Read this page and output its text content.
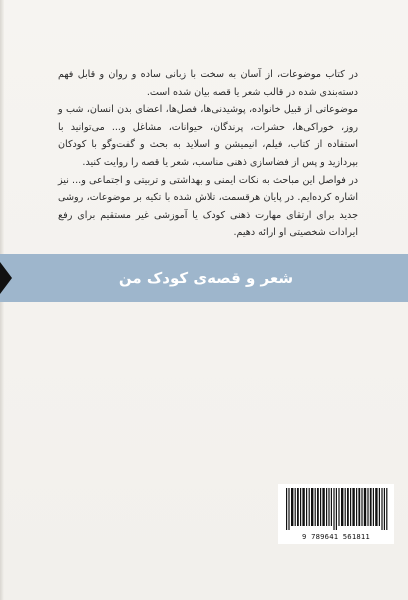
در کتاب موضوعات، از آسان به سخت با زبانی ساده و روان و قابل فهم دسته‌بندی شده در قالب شعر یا قصه بیان شده است.

موضوعاتی از قبیل خانواده، پوشیدنی‌ها، فصل‌ها، اعضای بدن انسان، شب و روز، خوراکی‌ها، حشرات، پرندگان، حیوانات، مشاغل و... می‌توانید با استفاده از کتاب، فیلم، انیمیشن و اسلاید به بحث و گفت‌وگو با کودکان بپردازید و پس از فضاسازی ذهنی مناسب، شعر یا قصه را روایت کنید.

در فواصل این مباحث به نکات ایمنی و بهداشتی و تربیتی و اجتماعی و... نیز اشاره کرده‌ایم. در پایان هرقسمت، تلاش شده با تکیه بر موضوعات، روشی جدید برای ارتقای مهارت ذهنی کودک یا آموزشی غیر مستقیم برای رفع ایرادات شخصیتی او ارائه دهیم.

شعر و قصه‌ی کودک من
9 789641 561811
